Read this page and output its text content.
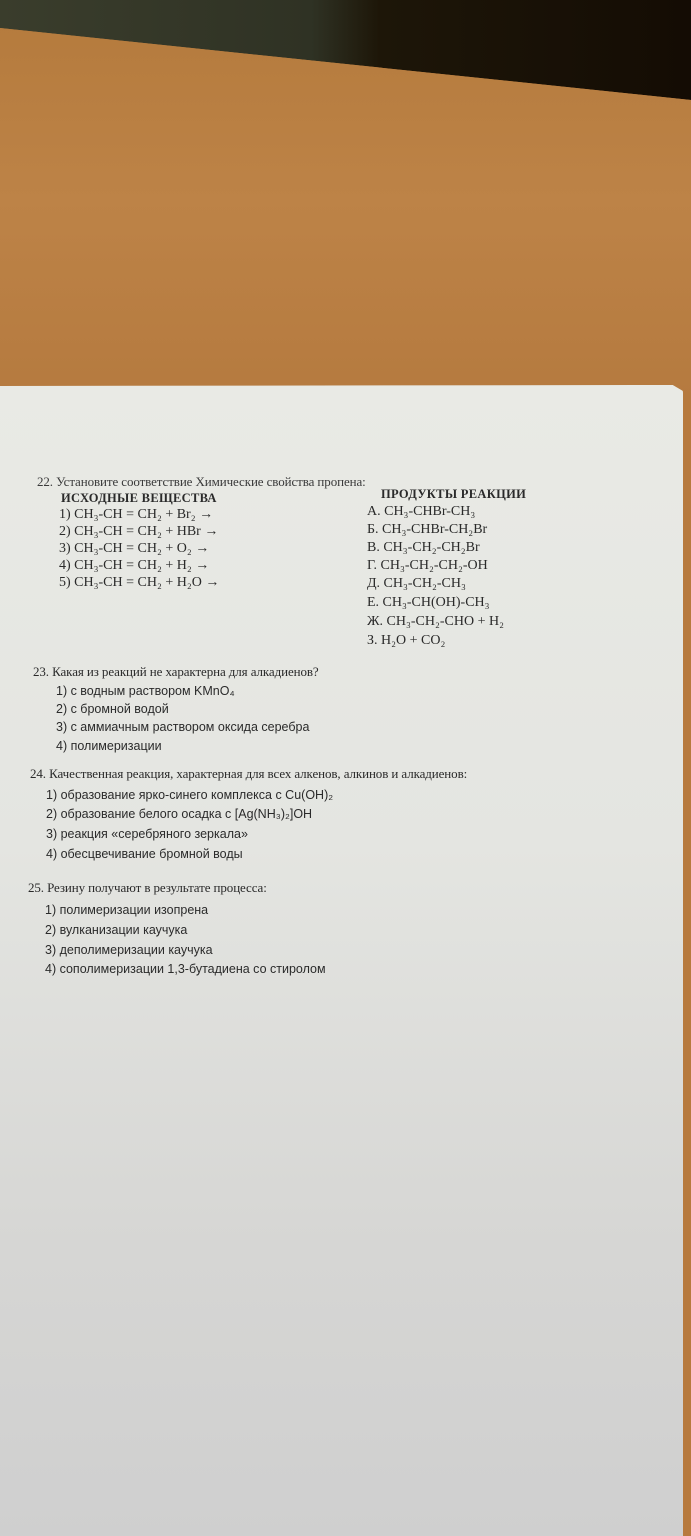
22. Установите соответствие Химические свойства пропена:
ИСХОДНЫЕ ВЕЩЕСТВА	ПРОДУКТЫ РЕАКЦИИ
1) CH₃-CH = CH₂ + Br₂ →
2) CH₃-CH = CH₂ + HBr →
3) CH₃-CH = CH₂ + O₂ →
4) CH₃-CH = CH₂ + H₂ →
5) CH₃-CH = CH₂ + H₂O →
А. CH₃-CHBr-CH₃
Б. CH₃-CHBr-CH₂Br
В. CH₃-CH₂-CH₂Br
Г. CH₃-CH₂-CH₂-OH
Д. CH₃-CH₂-CH₃
Е. CH₃-CH(OH)-CH₃
Ж. CH₃-CH₂-CHO + H₂
З. H₂O + CO₂
23. Какая из реакций не характерна для алкадиенов?
1) с водным раствором KMnO₄
2) с бромной водой
3) с аммиачным раствором оксида серебра
4) полимеризации
24. Качественная реакция, характерная для всех алкенов, алкинов и алкадиенов:
1) образование ярко-синего комплекса с Cu(OH)₂
2) образование белого осадка с [Ag(NH₃)₂]OH
3) реакция «серебряного зеркала»
4) обесцвечивание бромной воды
25. Резину получают в результате процесса:
1) полимеризации изопрена
2) вулканизации каучука
3) деполимеризации каучука
4) сополимеризации 1,3-бутадиена со стиролом
